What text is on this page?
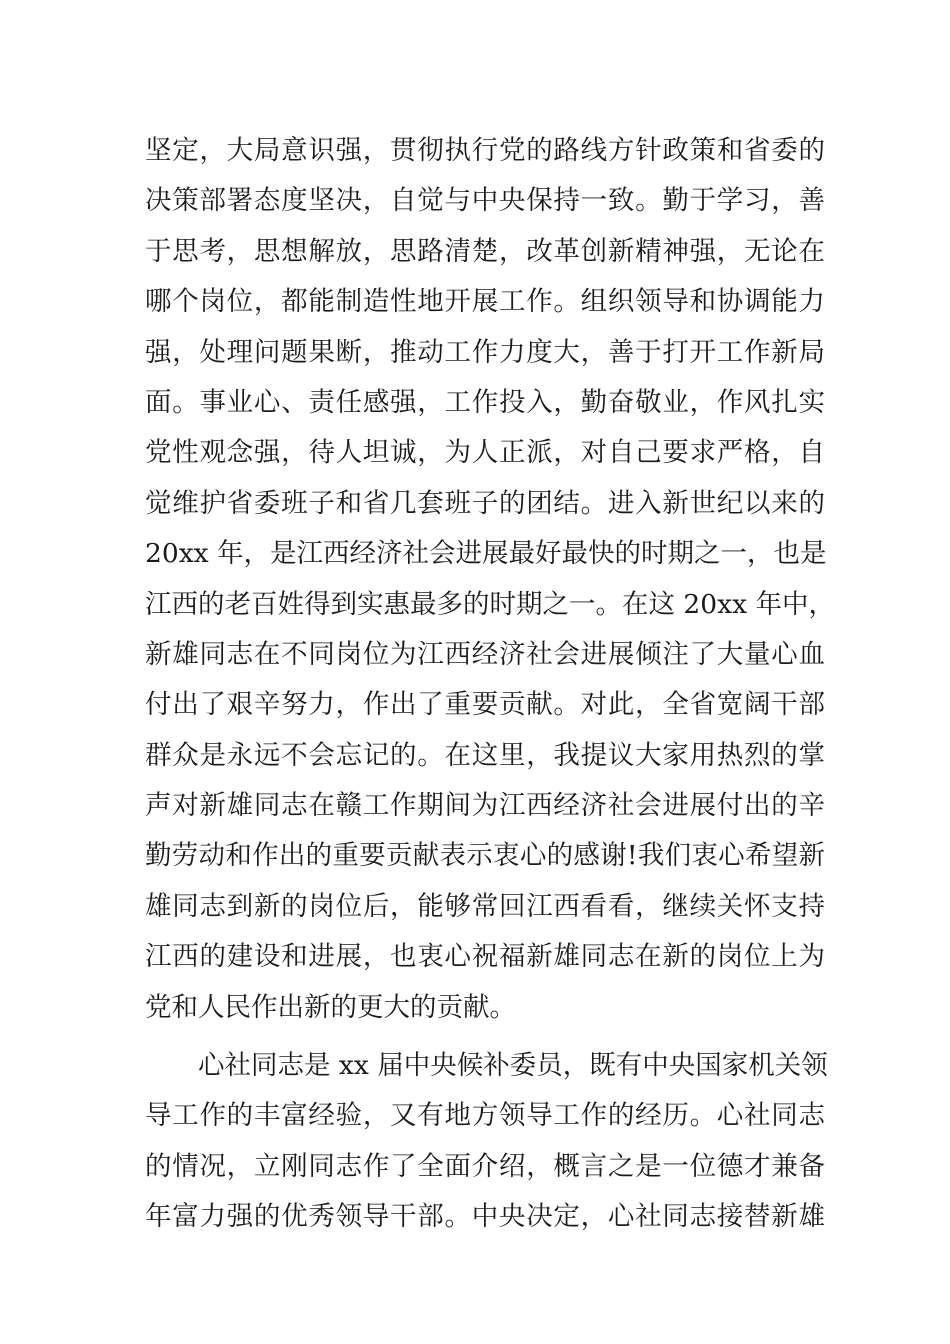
坚定，大局意识强，贯彻执行党的路线方针政策和省委的
决策部署态度坚决，自觉与中央保持一致。勤于学习，善
于思考，思想解放，思路清楚，改革创新精神强，无论在
哪个岗位，都能制造性地开展工作。组织领导和协调能力
强，处理问题果断，推动工作力度大，善于打开工作新局
面。事业心、责任感强，工作投入，勤奋敬业，作风扎实
党性观念强，待人坦诚，为人正派，对自己要求严格，自
觉维护省委班子和省几套班子的团结。进入新世纪以来的
20xx 年，是江西经济社会进展最好最快的时期之一，也是
江西的老百姓得到实惠最多的时期之一。在这 20xx 年中，
新雄同志在不同岗位为江西经济社会进展倾注了大量心血
付出了艰辛努力，作出了重要贡献。对此，全省宽阔干部
群众是永远不会忘记的。在这里，我提议大家用热烈的掌
声对新雄同志在赣工作期间为江西经济社会进展付出的辛
勤劳动和作出的重要贡献表示衷心的感谢!我们衷心希望新
雄同志到新的岗位后，能够常回江西看看，继续关怀支持
江西的建设和进展，也衷心祝福新雄同志在新的岗位上为
党和人民作出新的更大的贡献。
心社同志是 xx 届中央候补委员，既有中央国家机关领
导工作的丰富经验，又有地方领导工作的经历。心社同志
的情况，立刚同志作了全面介绍，概言之是一位德才兼备
年富力强的优秀领导干部。中央决定，心社同志接替新雄
